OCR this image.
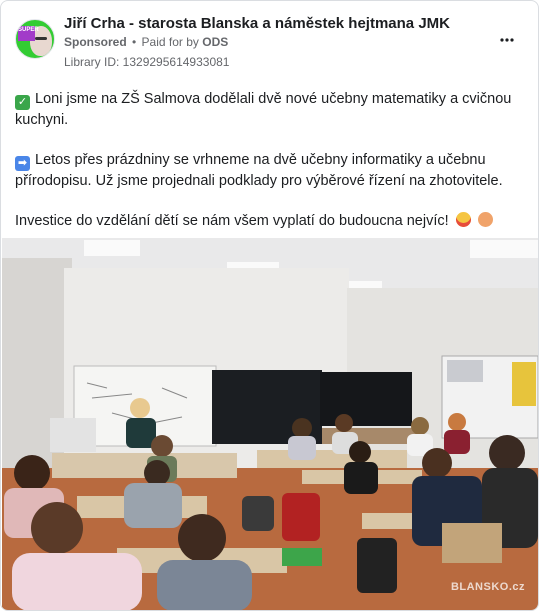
SUPER Jiří Crha - starosta Blanska a náměstek hejtmana JMK
Sponsored • Paid for by ODS
Library ID: 1329295614933081

✓ Loni jsme na ZŠ Salmova dodělali dvě nové učebny matematiky a cvičnou kuchyni.

➡ Letos přes prázdniny se vrhneme na dvě učebny informatiky a učebnu přírodopisu. Už jsme projednali podklady pro výběrové řízení na zhotovitele.

Investice do vzdělání dětí se nám všem vyplatí do budoucna nejvíc!

BLANSKO.cz
